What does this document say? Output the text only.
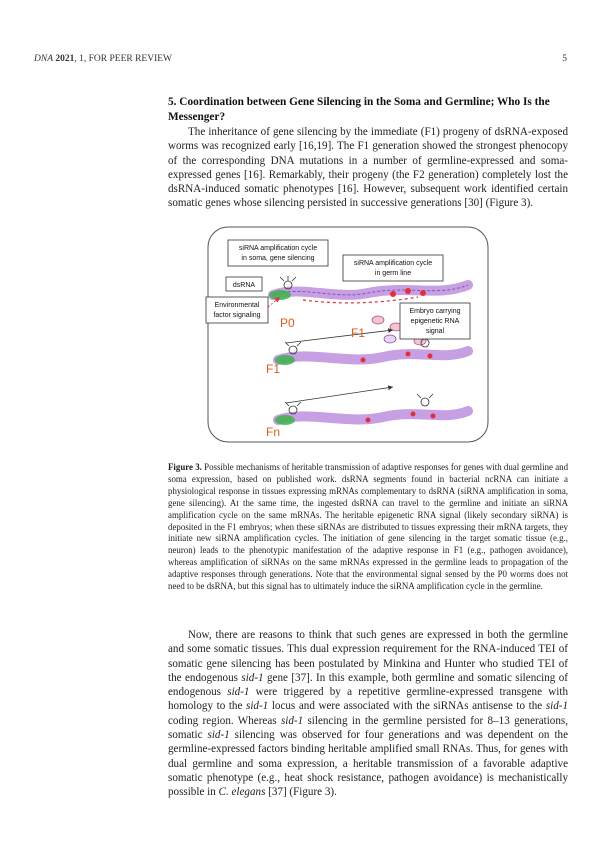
DNA 2021, 1, FOR PEER REVIEW	5
5. Coordination between Gene Silencing in the Soma and Germline; Who Is the Messenger?

The inheritance of gene silencing by the immediate (F1) progeny of dsRNA-exposed worms was recognized early [16,19]. The F1 generation showed the strongest phenocopy of the corresponding DNA mutations in a number of germline-expressed and soma-expressed genes [16]. Remarkably, their progeny (the F2 generation) completely lost the dsRNA-induced somatic phenotypes [16]. However, subsequent work identified certain somatic genes whose silencing persisted in successive generations [30] (Figure 3).

siRNA amplification cycle
in soma, gene silencing
siRNA amplification cycle
in germ line
dsRNA
Environmental
factor signaling
Embryo carrying
epigenetic RNA
signal
P0
F1
F1
Fn
Figure 3. Possible mechanisms of heritable transmission of adaptive responses for genes with dual germline and soma expression, based on published work. dsRNA segments found in bacterial ncRNA can initiate a physiological response in tissues expressing mRNAs complementary to dsRNA (siRNA amplification in soma, gene silencing). At the same time, the ingested dsRNA can travel to the germline and initiate an siRNA amplification cycle on the same mRNAs. The heritable epigenetic RNA signal (likely secondary siRNA) is deposited in the F1 embryos; when these siRNAs are distributed to tissues expressing their mRNA targets, they initiate new siRNA amplification cycles. The initiation of gene silencing in the target somatic tissue (e.g., neuron) leads to the phenotypic manifestation of the adaptive response in F1 (e.g., pathogen avoidance), whereas amplification of siRNAs on the same mRNAs expressed in the germline leads to propagation of the adaptive responses through generations. Note that the environmental signal sensed by the P0 worms does not need to be dsRNA, but this signal has to ultimately induce the siRNA amplification cycle in the germline.

Now, there are reasons to think that such genes are expressed in both the germline and some somatic tissues. This dual expression requirement for the RNA-induced TEI of somatic gene silencing has been postulated by Minkina and Hunter who studied TEI of the endogenous sid-1 gene [37]. In this example, both germline and somatic silencing of endogenous sid-1 were triggered by a repetitive germline-expressed transgene with homology to the sid-1 locus and were associated with the siRNAs antisense to the sid-1 coding region. Whereas sid-1 silencing in the germline persisted for 8–13 generations, somatic sid-1 silencing was observed for four generations and was dependent on the germline-expressed factors binding heritable amplified small RNAs. Thus, for genes with dual germline and soma expression, a heritable transmission of a favorable adaptive somatic phenotype (e.g., heat shock resistance, pathogen avoidance) is mechanistically possible in C. elegans [37] (Figure 3).
